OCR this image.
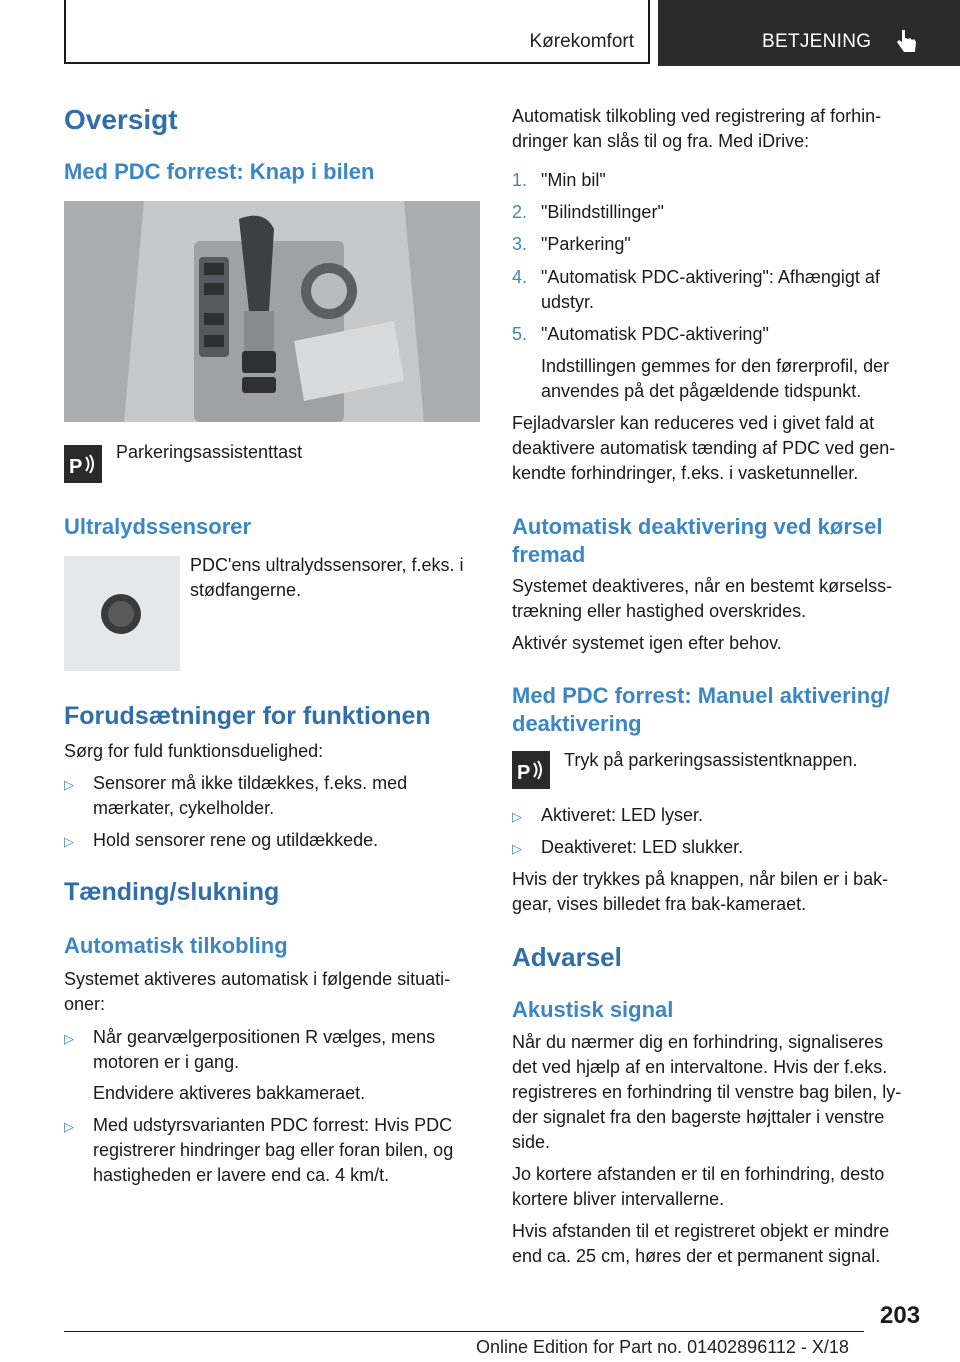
Kørekomfort	BETJENING
Oversigt
Med PDC forrest: Knap i bilen
P
Parkeringsassistenttast
Ultralydssensorer
PDC'ens ultralydssensorer, f.eks. i
stødfangerne.
Forudsætninger for funktionen
Sørg for fuld funktionsduelighed:
▷ Sensorer må ikke tildækkes, f.eks. med
mærkater, cykelholder.
▷ Hold sensorer rene og utildækkede.
Tænding/slukning
Automatisk tilkobling
Systemet aktiveres automatisk i følgende situati-
oner:
▷ Når gearvælgerpositionen R vælges, mens
motoren er i gang.
Endvidere aktiveres bakkameraet.
▷ Med udstyrsvarianten PDC forrest: Hvis PDC
registrerer hindringer bag eller foran bilen, og
hastigheden er lavere end ca. 4 km/t.
Automatisk tilkobling ved registrering af forhin-
dringer kan slås til og fra. Med iDrive:
1. "Min bil"
2. "Bilindstillinger"
3. "Parkering"
4. "Automatisk PDC-aktivering": Afhængigt af
udstyr.
5. "Automatisk PDC-aktivering"
Indstillingen gemmes for den førerprofil, der
anvendes på det pågældende tidspunkt.
Fejladvarsler kan reduceres ved i givet fald at
deaktivere automatisk tænding af PDC ved gen-
kendte forhindringer, f.eks. i vasketunneller.
Automatisk deaktivering ved kørsel
fremad
Systemet deaktiveres, når en bestemt kørselss-
trækning eller hastighed overskrides.
Aktivér systemet igen efter behov.
Med PDC forrest: Manuel aktivering/
deaktivering
P
Tryk på parkeringsassistentknappen.
▷ Aktiveret: LED lyser.
▷ Deaktiveret: LED slukker.
Hvis der trykkes på knappen, når bilen er i bak-
gear, vises billedet fra bak-kameraet.
Advarsel
Akustisk signal
Når du nærmer dig en forhindring, signaliseres
det ved hjælp af en intervaltone. Hvis der f.eks.
registreres en forhindring til venstre bag bilen, ly-
der signalet fra den bagerste højttaler i venstre
side.
Jo kortere afstanden er til en forhindring, desto
kortere bliver intervallerne.
Hvis afstanden til et registreret objekt er mindre
end ca. 25 cm, høres der et permanent signal.
203
Online Edition for Part no. 01402896112 - X/18
